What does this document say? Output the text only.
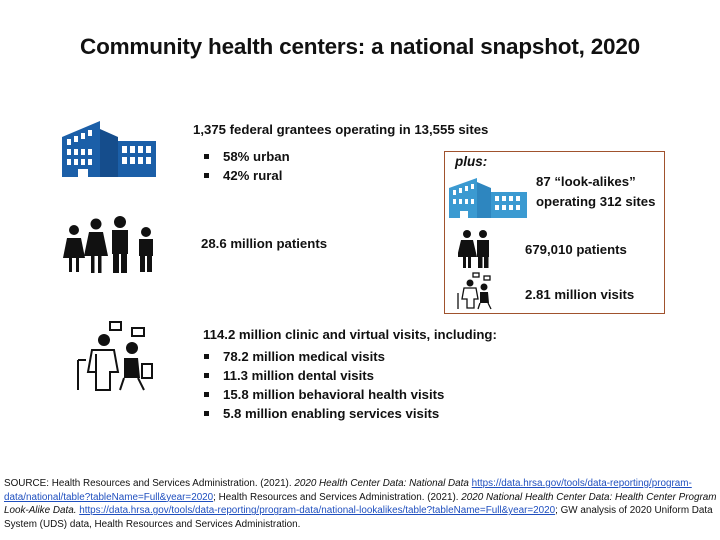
Community health centers: a national snapshot, 2020
1,375 federal grantees operating in 13,555 sites
58% urban
42% rural
28.6 million patients
114.2 million clinic and virtual visits, including:
78.2 million medical visits
11.3 million dental visits
15.8 million behavioral health visits
5.8 million enabling services visits
plus:
87 “look-alikes”
operating 312 sites
679,010 patients
2.81 million visits
SOURCE: Health Resources and Services Administration. (2021). 2020 Health Center Data: National Data https://data.hrsa.gov/tools/data-reporting/program-data/national/table?tableName=Full&year=2020; Health Resources and Services Administration. (2021). 2020 National Health Center Data: Health Center Program Look-Alike Data. https://data.hrsa.gov/tools/data-reporting/program-data/national-lookalikes/table?tableName=Full&year=2020; GW analysis of 2020 Uniform Data System (UDS) data, Health Resources and Services Administration.
